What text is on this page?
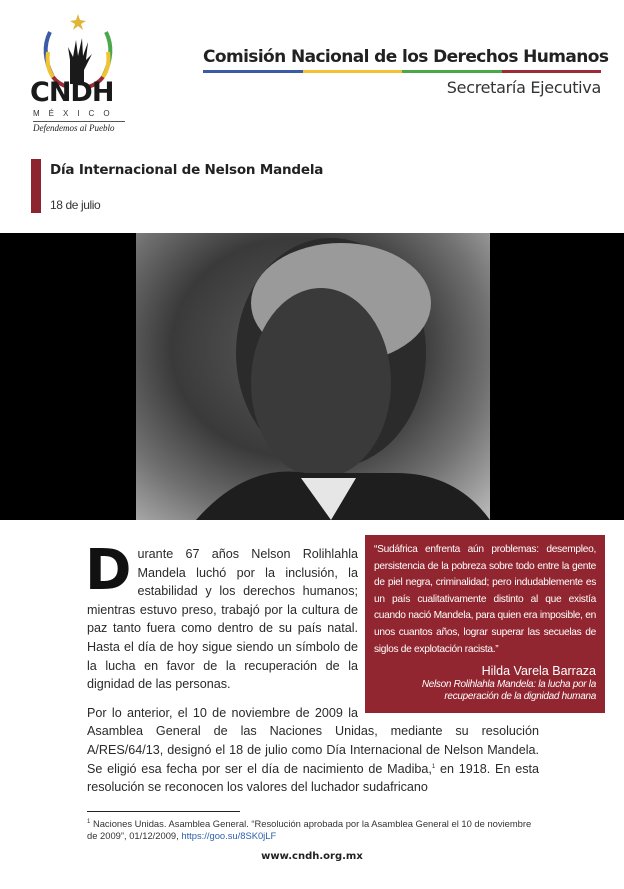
CNDH
MÉXICO
Defendemos al Pueblo
Comisión Nacional de los Derechos Humanos
Secretaría Ejecutiva
Día Internacional de Nelson Mandela
18 de julio
“Sudáfrica enfrenta aún problemas: desempleo, persistencia de la pobreza sobre todo entre la gente de piel negra, criminalidad; pero indudablemente es un país cualitativamente distinto al que existía cuando nació Mandela, para quien era imposible, en unos cuantos años, lograr superar las secuelas de siglos de explotación racista.”
Hilda Varela Barraza
Nelson Rolihlahla Mandela: la lucha por la recuperación de la dignidad humana
Durante 67 años Nelson Rolihlahla Mandela luchó por la inclusión, la estabilidad y los derechos humanos; mientras estuvo preso, trabajó por la cultura de paz tanto fuera como dentro de su país natal. Hasta el día de hoy sigue siendo un símbolo de la lucha en favor de la recuperación de la dignidad de las personas.
Por lo anterior, el 10 de noviembre de 2009 la Asamblea General de las Naciones Unidas, mediante su resolución A/RES/64/13, designó el 18 de julio como Día Internacional de Nelson Mandela. Se eligió esa fecha por ser el día de nacimiento de Madiba,$^1$ en 1918. En esta resolución se reconocen los valores del luchador sudafricano
$^1$ Naciones Unidas. Asamblea General. “Resolución aprobada por la Asamblea General el 10 de noviembre de 2009”, 01/12/2009, https://goo.su/8SK0jLF
www.cndh.org.mx
